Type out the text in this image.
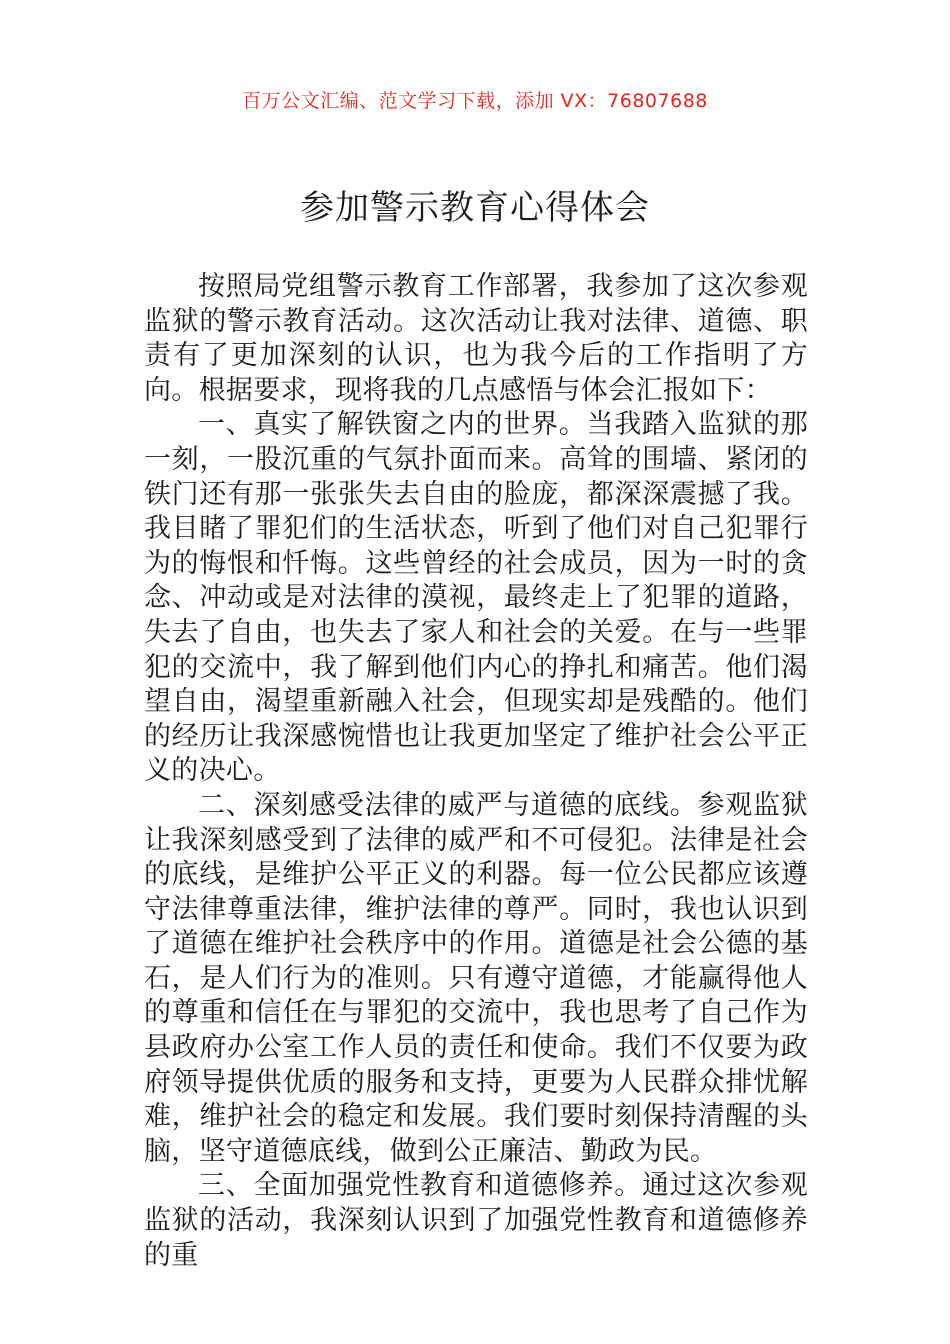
百万公文汇编、范文学习下载，添加 VX：76807688
参加警示教育心得体会

按照局党组警示教育工作部署，我参加了这次参观监狱的警示教育活动。这次活动让我对法律、道德、职责有了更加深刻的认识，也为我今后的工作指明了方向。根据要求，现将我的几点感悟与体会汇报如下：

一、真实了解铁窗之内的世界。当我踏入监狱的那一刻，一股沉重的气氛扑面而来。高耸的围墙、紧闭的铁门还有那一张张失去自由的脸庞，都深深震撼了我。我目睹了罪犯们的生活状态，听到了他们对自己犯罪行为的悔恨和忏悔。这些曾经的社会成员，因为一时的贪念、冲动或是对法律的漠视，最终走上了犯罪的道路，失去了自由，也失去了家人和社会的关爱。在与一些罪犯的交流中，我了解到他们内心的挣扎和痛苦。他们渴望自由，渴望重新融入社会，但现实却是残酷的。他们的经历让我深感惋惜也让我更加坚定了维护社会公平正义的决心。

二、深刻感受法律的威严与道德的底线。参观监狱让我深刻感受到了法律的威严和不可侵犯。法律是社会的底线，是维护公平正义的利器。每一位公民都应该遵守法律尊重法律，维护法律的尊严。同时，我也认识到了道德在维护社会秩序中的作用。道德是社会公德的基石，是人们行为的准则。只有遵守道德，才能赢得他人的尊重和信任在与罪犯的交流中，我也思考了自己作为县政府办公室工作人员的责任和使命。我们不仅要为政府领导提供优质的服务和支持，更要为人民群众排忧解难，维护社会的稳定和发展。我们要时刻保持清醒的头脑，坚守道德底线，做到公正廉洁、勤政为民。

三、全面加强党性教育和道德修养。通过这次参观监狱的活动，我深刻认识到了加强党性教育和道德修养的重
